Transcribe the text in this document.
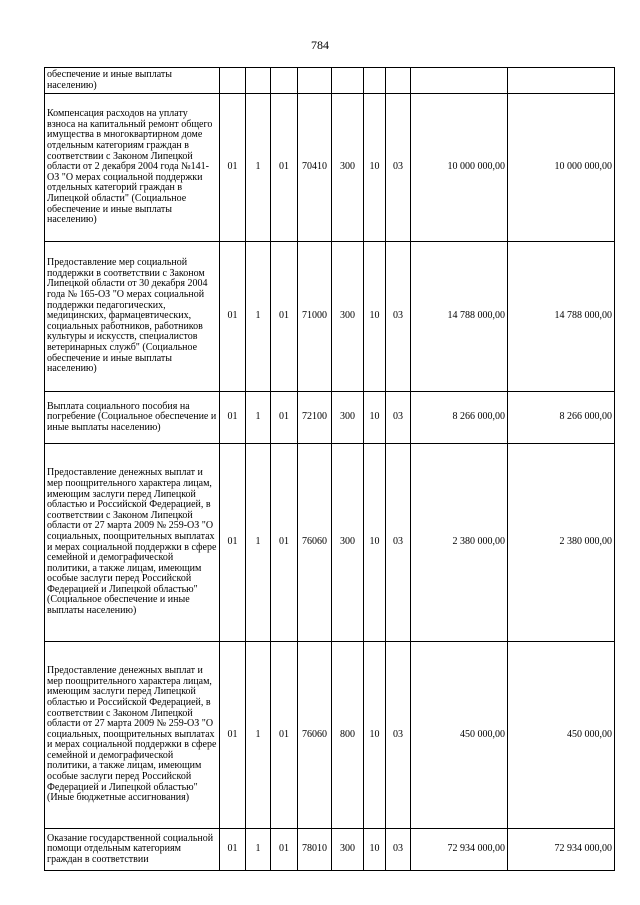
784
обеспечение и иные выплаты населению)									
Компенсация расходов на уплату взноса на капитальный ремонт общего имущества в многоквартирном доме отдельным категориям граждан в соответствии с Законом Липецкой области от 2 декабря 2004 года №141-ОЗ "О мерах социальной поддержки отдельных категорий граждан в Липецкой области" (Социальное обеспечение и иные выплаты населению)	01	1	01	70410	300	10	03	10 000 000,00	10 000 000,00
Предоставление мер социальной поддержки в соответствии с Законом Липецкой области от 30 декабря 2004 года № 165-ОЗ "О мерах социальной поддержки педагогических, медицинских, фармацевтических, социальных работников, работников культуры и искусств, специалистов ветеринарных служб" (Социальное обеспечение и иные выплаты населению)	01	1	01	71000	300	10	03	14 788 000,00	14 788 000,00
Выплата социального пособия на погребение (Социальное обеспечение и иные выплаты населению)	01	1	01	72100	300	10	03	8 266 000,00	8 266 000,00
Предоставление денежных выплат и мер поощрительного характера лицам, имеющим заслуги перед Липецкой областью и Российской Федерацией, в соответствии с Законом Липецкой области от 27 марта 2009 № 259-ОЗ "О социальных, поощрительных выплатах и мерах социальной поддержки в сфере семейной и демографической политики, а также лицам, имеющим особые заслуги перед Российской Федерацией и Липецкой областью" (Социальное обеспечение и иные выплаты населению)	01	1	01	76060	300	10	03	2 380 000,00	2 380 000,00
Предоставление денежных выплат и мер поощрительного характера лицам, имеющим заслуги перед Липецкой областью и Российской Федерацией, в соответствии с Законом Липецкой области от 27 марта 2009 № 259-ОЗ "О социальных, поощрительных выплатах и мерах социальной поддержки в сфере семейной и демографической политики, а также лицам, имеющим особые заслуги перед Российской Федерацией и Липецкой областью" (Иные бюджетные ассигнования)	01	1	01	76060	800	10	03	450 000,00	450 000,00
Оказание государственной социальной помощи отдельным категориям граждан в соответствии	01	1	01	78010	300	10	03	72 934 000,00	72 934 000,00
